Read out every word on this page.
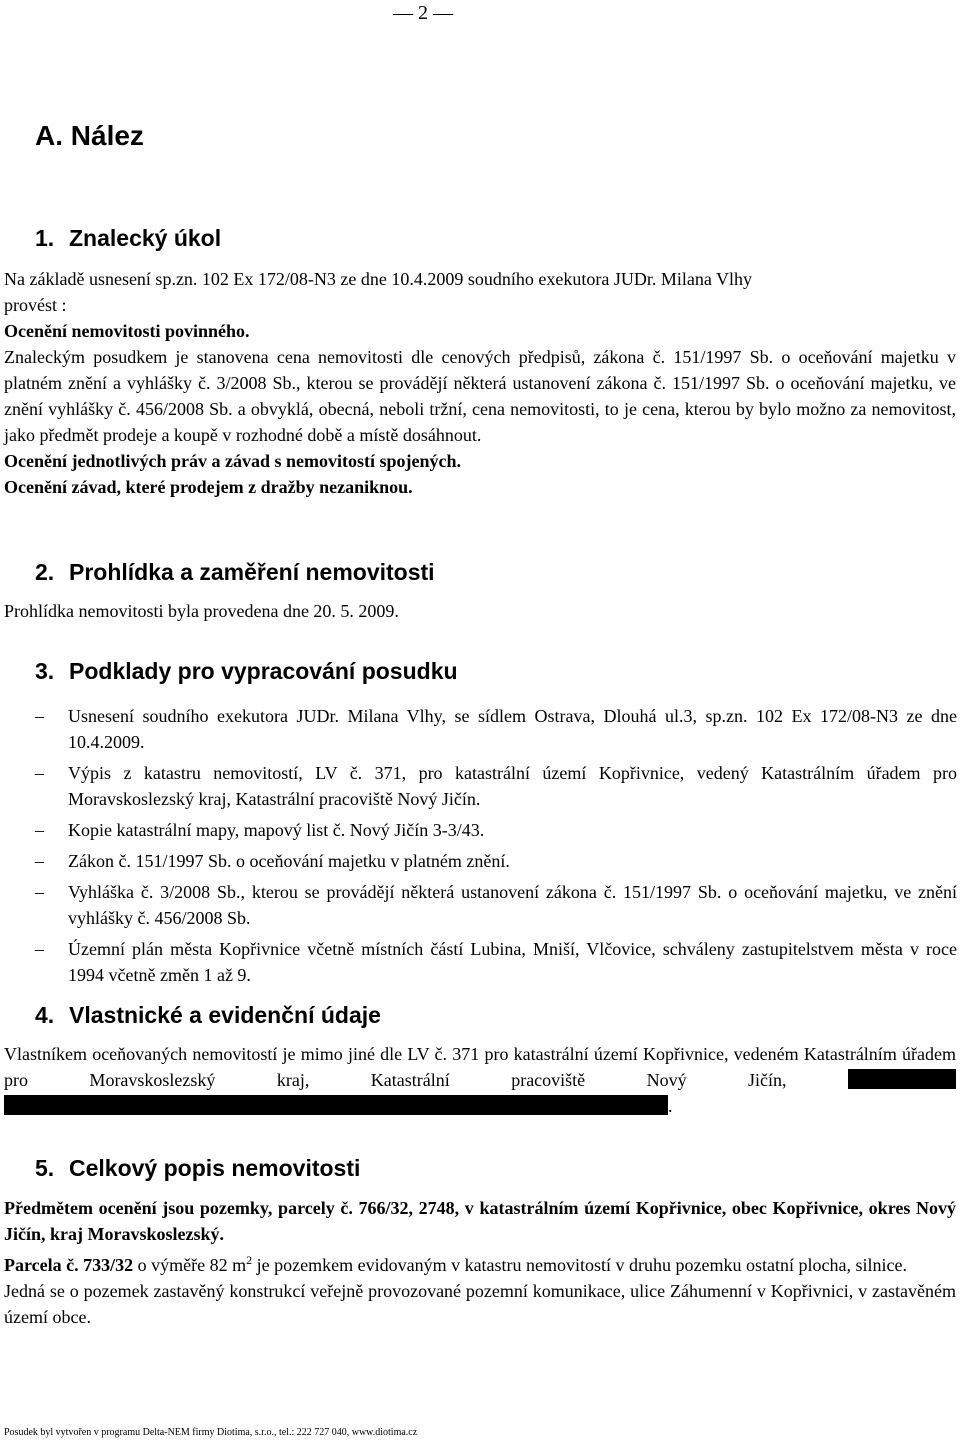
— 2 —
A. Nález
1. Znalecký úkol
Na základě usnesení sp.zn. 102 Ex 172/08-N3 ze dne 10.4.2009 soudního exekutora JUDr. Milana Vlhy
provést :
Ocenění nemovitosti povinného.
Znaleckým posudkem je stanovena cena nemovitosti dle cenových předpisů, zákona č. 151/1997 Sb. o oceňování majetku v platném znění a vyhlášky č. 3/2008 Sb., kterou se provádějí některá ustanovení zákona č. 151/1997 Sb. o oceňování majetku, ve znění vyhlášky č. 456/2008 Sb. a obvyklá, obecná, neboli tržní, cena nemovitosti, to je cena, kterou by bylo možno za nemovitost, jako předmět prodeje a koupě v rozhodné době a místě dosáhnout.
Ocenění jednotlivých práv a závad s nemovitostí spojených.
Ocenění závad, které prodejem z dražby nezaniknou.
2. Prohlídka a zaměření nemovitosti
Prohlídka nemovitosti byla provedena dne 20. 5. 2009.
3. Podklady pro vypracování posudku
– Usnesení soudního exekutora JUDr. Milana Vlhy, se sídlem Ostrava, Dlouhá ul.3, sp.zn. 102 Ex 172/08-N3 ze dne 10.4.2009.
– Výpis z katastru nemovitostí, LV č. 371, pro katastrální území Kopřivnice, vedený Katastrálním úřadem pro Moravskoslezský kraj, Katastrální pracoviště Nový Jičín.
– Kopie katastrální mapy, mapový list č. Nový Jičín 3-3/43.
– Zákon č. 151/1997 Sb. o oceňování majetku v platném znění.
– Vyhláška č. 3/2008 Sb., kterou se provádějí některá ustanovení zákona č. 151/1997 Sb. o oceňování majetku, ve znění vyhlášky č. 456/2008 Sb.
– Územní plán města Kopřivnice včetně místních částí Lubina, Mniší, Vlčovice, schváleny zastupitelstvem města v roce 1994 včetně změn 1 až 9.
4. Vlastnické a evidenční údaje
Vlastníkem oceňovaných nemovitostí je mimo jiné dle LV č. 371 pro katastrální území Kopřivnice, vedeném Katastrálním úřadem pro Moravskoslezský kraj, Katastrální pracoviště Nový Jičín,  .
5. Celkový popis nemovitosti
Předmětem ocenění jsou pozemky, parcely č. 766/32, 2748, v katastrálním území Kopřivnice, obec Kopřivnice, okres Nový Jičín, kraj Moravskoslezský.
Parcela č. 733/32 o výměře 82 $m^2$ je pozemkem evidovaným v katastru nemovitostí v druhu pozemku ostatní plocha, silnice.
Jedná se o pozemek zastavěný konstrukcí veřejně provozované pozemní komunikace, ulice Záhumenní v Kopřivnici, v zastavěném území obce.
Posudek byl vytvořen v programu Delta-NEM firmy Diotima, s.r.o., tel.: 222 727 040, www.diotima.cz
